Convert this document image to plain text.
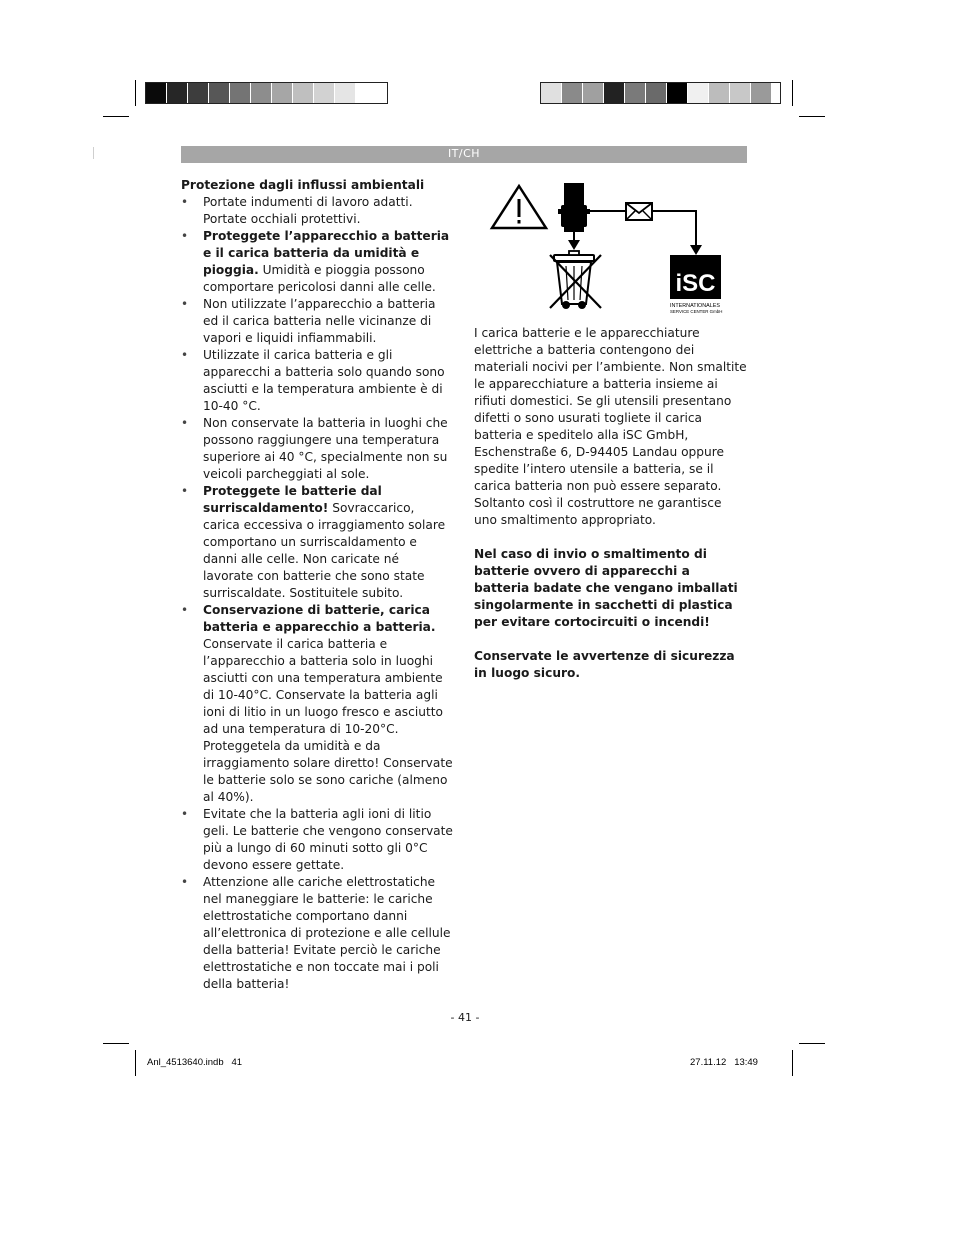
IT/CH

Protezione dagli influssi ambientali

• Portate indumenti di lavoro adatti. Portate occhiali protettivi.
• Proteggete l’apparecchio a batteria e il carica batteria da umidità e pioggia. Umidità e pioggia possono comportare pericolosi danni alle celle.
• Non utilizzate l’apparecchio a batteria ed il carica batteria nelle vicinanze di vapori e liquidi infiammabili.
• Utilizzate il carica batteria e gli apparecchi a batteria solo quando sono asciutti e la temperatura ambiente è di 10-40 °C.
• Non conservate la batteria in luoghi che possono raggiungere una temperatura superiore ai 40 °C, specialmente non su veicoli parcheggiati al sole.
• Proteggete le batterie dal surriscaldamento! Sovraccarico, carica eccessiva o irraggiamento solare comportano un surriscaldamento e danni alle celle. Non caricate né lavorate con batterie che sono state surriscaldate. Sostituitele subito.
• Conservazione di batterie, carica batteria e apparecchio a batteria. Conservate il carica batteria e l’apparecchio a batteria solo in luoghi asciutti con una temperatura ambiente di 10-40°C. Conservate la batteria agli ioni di litio in un luogo fresco e asciutto ad una temperatura di 10-20°C. Proteggetela da umidità e da irraggiamento solare diretto! Conservate le batterie solo se sono cariche (almeno al 40%).
• Evitate che la batteria agli ioni di litio geli. Le batterie che vengono conservate più a lungo di 60 minuti sotto gli 0°C devono essere gettate.
• Attenzione alle cariche elettrostatiche nel maneggiare le batterie: le cariche elettrostatiche comportano danni all’elettronica di protezione e alle cellule della batteria! Evitate perciò le cariche elettrostatiche e non toccate mai i poli della batteria!
iSC
INTERNATIONALES
SERVICE CENTER GmbH

I carica batterie e le apparecchiature elettriche a batteria contengono dei materiali nocivi per l’ambiente. Non smaltite le apparecchiature a batteria insieme ai rifiuti domestici. Se gli utensili presentano difetti o sono usurati togliete il carica batteria e speditelo alla iSC GmbH, Eschenstraße 6, D-94405 Landau oppure spedite l’intero utensile a batteria, se il carica batteria non può essere separato. Soltanto così il costruttore ne garantisce uno smaltimento appropriato.

Nel caso di invio o smaltimento di batterie ovvero di apparecchi a batteria badate che vengano imballati singolarmente in sacchetti di plastica per evitare cortocircuiti o incendi!

Conservate le avvertenze di sicurezza in luogo sicuro.

- 41 -
Anl_4513640.indb   41	27.11.12   13:49
